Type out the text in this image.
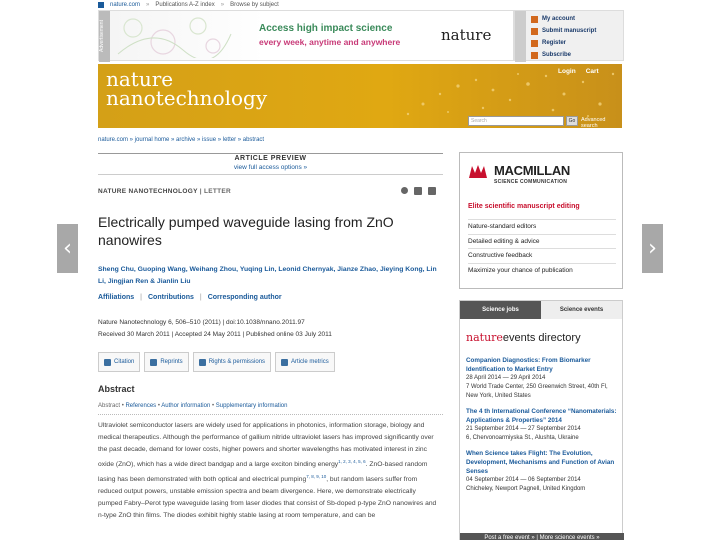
nature.com » Publications A-Z index » Browse by subject
Advertisement	Access high impact science
every week, anytime and anywhere	nature
My account
Submit manuscript
Register
Subscribe
nature
nanotechnology
Login Cart
Search	Go	Advanced search
nature.com » journal home » archive » issue » letter » abstract
ARTICLE PREVIEW
view full access options »
NATURE NANOTECHNOLOGY | LETTER
Electrically pumped waveguide lasing from ZnO nanowires
Sheng Chu, Guoping Wang, Weihang Zhou, Yuqing Lin, Leonid Chernyak, Jianze Zhao, Jieying Kong, Lin Li, Jingjian Ren & Jianlin Liu
Affiliations | Contributions | Corresponding author
Nature Nanotechnology 6, 506–510 (2011) | doi:10.1038/nnano.2011.97
Received 30 March 2011 | Accepted 24 May 2011 | Published online 03 July 2011
Citation	Reprints	Rights & permissions	Article metrics
Abstract
Abstract • References • Author information • Supplementary information
Ultraviolet semiconductor lasers are widely used for applications in photonics, information storage, biology and medical therapeutics. Although the performance of gallium nitride ultraviolet lasers has improved significantly over the past decade, demand for lower costs, higher powers and shorter wavelengths has motivated interest in zinc oxide (ZnO), which has a wide direct bandgap and a large exciton binding energy$^{1, 2, 3, 4, 5, 6}$. ZnO-based random lasing has been demonstrated with both optical and electrical pumping$^{7, 8, 9, 10}$, but random lasers suffer from reduced output powers, unstable emission spectra and beam divergence. Here, we demonstrate electrically pumped Fabry–Perot type waveguide lasing from laser diodes that consist of Sb-doped p-type ZnO nanowires and n-type ZnO thin films. The diodes exhibit highly stable lasing at room temperature, and can be
MACMILLAN
SCIENCE COMMUNICATION
Elite scientific manuscript editing
Nature-standard editors
Detailed editing & advice
Constructive feedback
Maximize your chance of publication
Science jobs	Science events
natureevents directory
Companion Diagnostics: From Biomarker Identification to Market Entry
28 April 2014 — 29 April 2014
7 World Trade Center, 250 Greenwich Street, 40th Fl, New York, United States
The 4 th International Conference “Nanomaterials: Applications & Properties” 2014
21 September 2014 — 27 September 2014
6, Chervonoarmiyska St., Alushta, Ukraine
When Science takes Flight: The Evolution, Development, Mechanisms and Function of Avian Senses
04 September 2014 — 06 September 2014
Chicheley, Newport Pagnell, United Kingdom
Post a free event » | More science events »
‹	›
